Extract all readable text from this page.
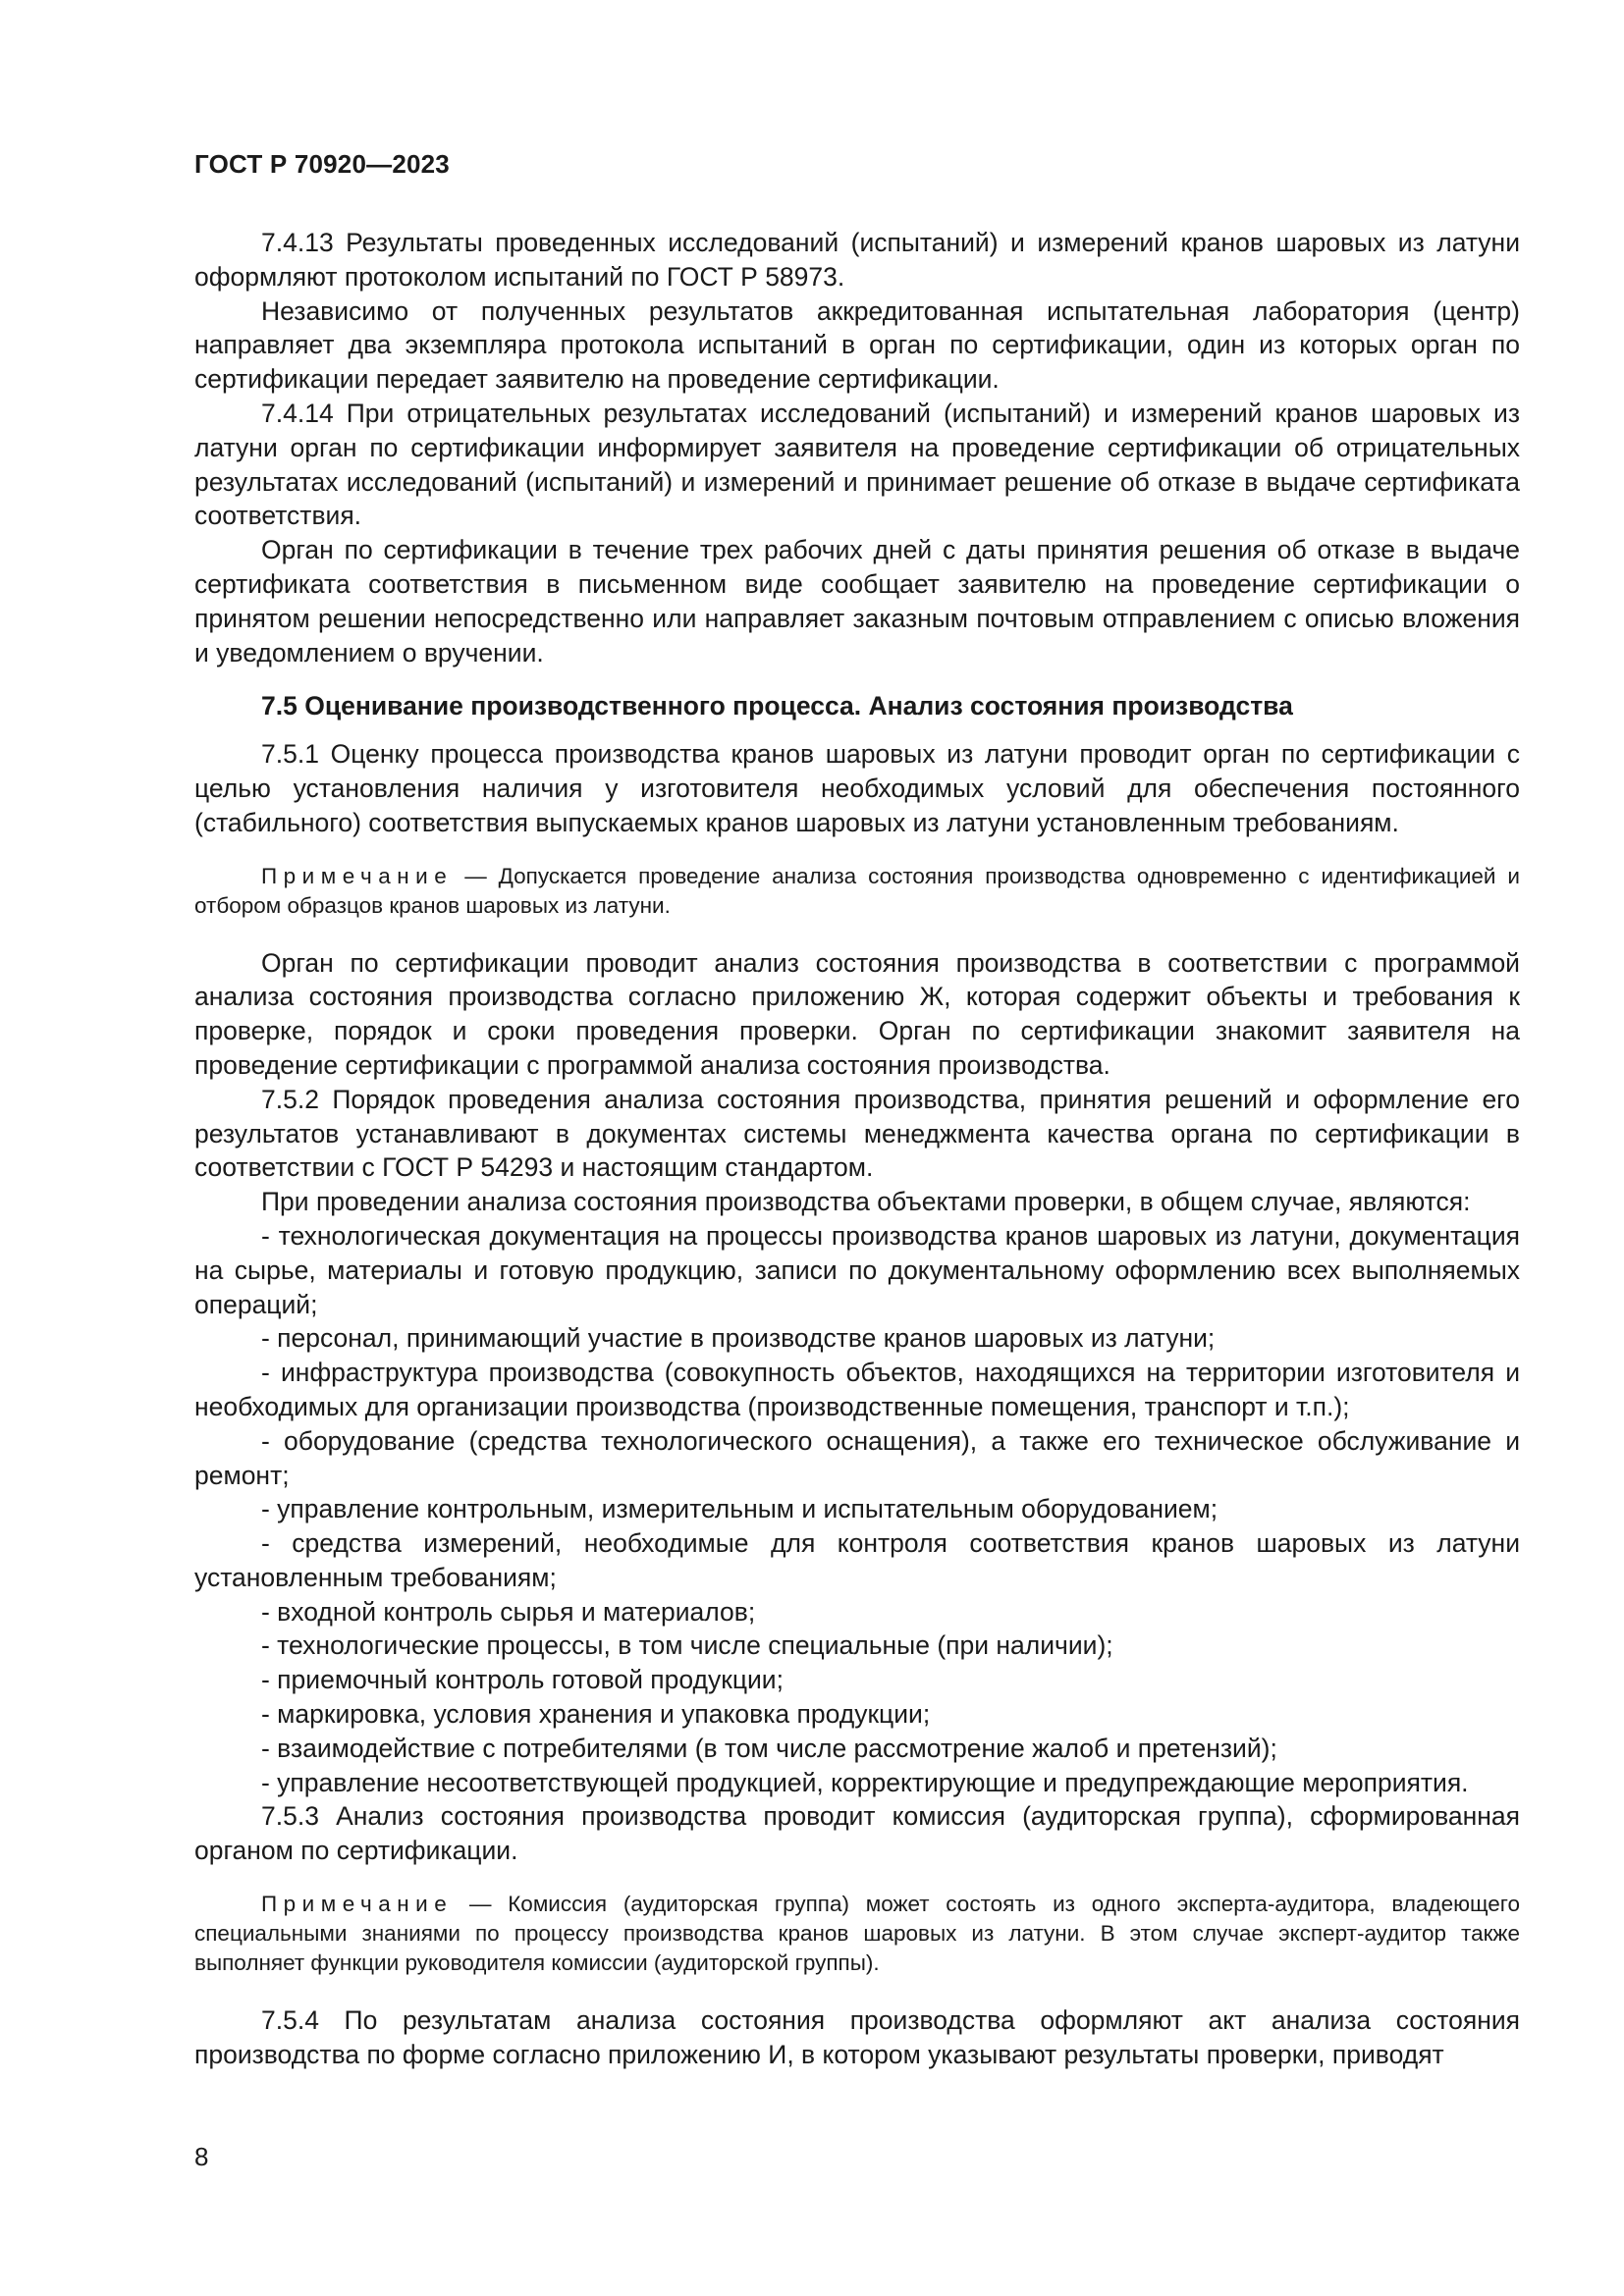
ГОСТ Р 70920—2023

7.4.13 Результаты проведенных исследований (испытаний) и измерений кранов шаровых из латуни оформляют протоколом испытаний по ГОСТ Р 58973.

Независимо от полученных результатов аккредитованная испытательная лаборатория (центр) направляет два экземпляра протокола испытаний в орган по сертификации, один из которых орган по сертификации передает заявителю на проведение сертификации.

7.4.14 При отрицательных результатах исследований (испытаний) и измерений кранов шаровых из латуни орган по сертификации информирует заявителя на проведение сертификации об отрицательных результатах исследований (испытаний) и измерений и принимает решение об отказе в выдаче сертификата соответствия.

Орган по сертификации в течение трех рабочих дней с даты принятия решения об отказе в выдаче сертификата соответствия в письменном виде сообщает заявителю на проведение сертификации о принятом решении непосредственно или направляет заказным почтовым отправлением с описью вложения и уведомлением о вручении.

7.5 Оценивание производственного процесса. Анализ состояния производства

7.5.1 Оценку процесса производства кранов шаровых из латуни проводит орган по сертификации с целью установления наличия у изготовителя необходимых условий для обеспечения постоянного (стабильного) соответствия выпускаемых кранов шаровых из латуни установленным требованиям.

Примечание — Допускается проведение анализа состояния производства одновременно с идентификацией и отбором образцов кранов шаровых из латуни.

Орган по сертификации проводит анализ состояния производства в соответствии с программой анализа состояния производства согласно приложению Ж, которая содержит объекты и требования к проверке, порядок и сроки проведения проверки. Орган по сертификации знакомит заявителя на проведение сертификации с программой анализа состояния производства.

7.5.2 Порядок проведения анализа состояния производства, принятия решений и оформление его результатов устанавливают в документах системы менеджмента качества органа по сертификации в соответствии с ГОСТ Р 54293 и настоящим стандартом.

При проведении анализа состояния производства объектами проверки, в общем случае, являются:

- технологическая документация на процессы производства кранов шаровых из латуни, документация на сырье, материалы и готовую продукцию, записи по документальному оформлению всех выполняемых операций;

- персонал, принимающий участие в производстве кранов шаровых из латуни;

- инфраструктура производства (совокупность объектов, находящихся на территории изготовителя и необходимых для организации производства (производственные помещения, транспорт и т.п.);

- оборудование (средства технологического оснащения), а также его техническое обслуживание и ремонт;

- управление контрольным, измерительным и испытательным оборудованием;

- средства измерений, необходимые для контроля соответствия кранов шаровых из латуни установленным требованиям;

- входной контроль сырья и материалов;

- технологические процессы, в том числе специальные (при наличии);

- приемочный контроль готовой продукции;

- маркировка, условия хранения и упаковка продукции;

- взаимодействие с потребителями (в том числе рассмотрение жалоб и претензий);

- управление несоответствующей продукцией, корректирующие и предупреждающие мероприятия.

7.5.3 Анализ состояния производства проводит комиссия (аудиторская группа), сформированная органом по сертификации.

Примечание — Комиссия (аудиторская группа) может состоять из одного эксперта-аудитора, владеющего специальными знаниями по процессу производства кранов шаровых из латуни. В этом случае эксперт-аудитор также выполняет функции руководителя комиссии (аудиторской группы).

7.5.4 По результатам анализа состояния производства оформляют акт анализа состояния производства по форме согласно приложению И, в котором указывают результаты проверки, приводят

8
